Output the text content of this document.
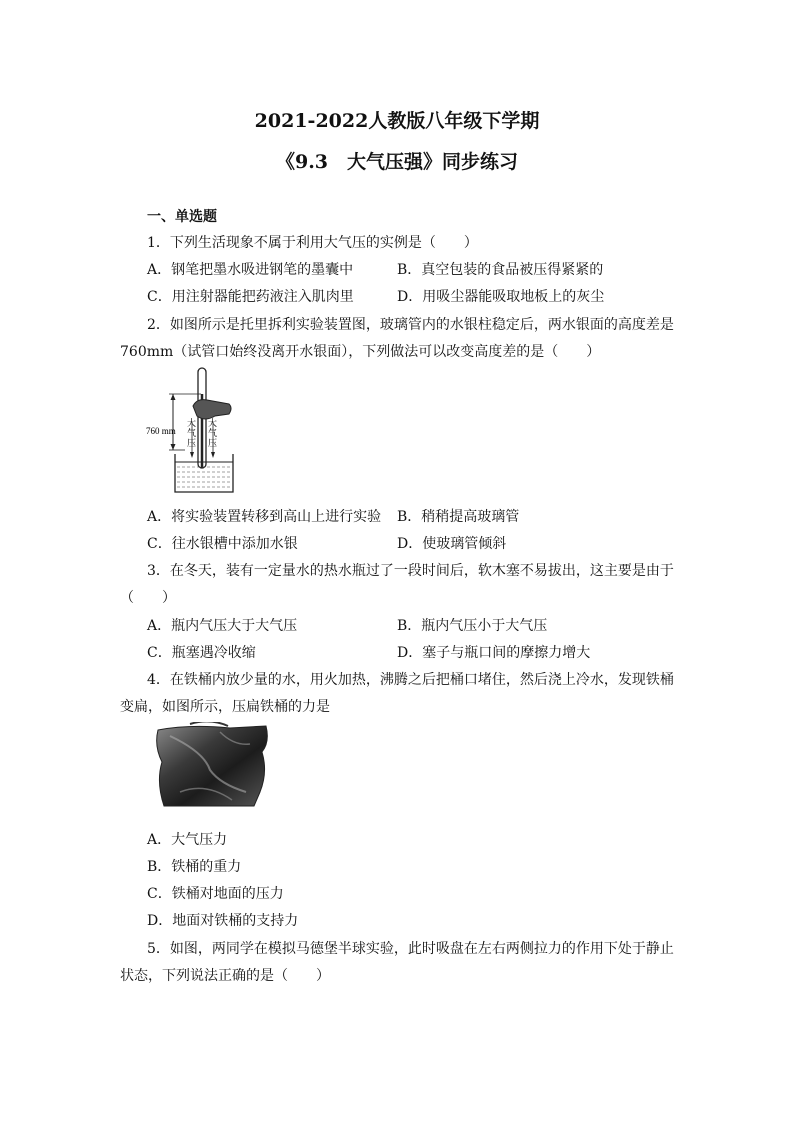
2021-2022人教版八年级下学期
《9.3　大气压强》同步练习
一、单选题
1．下列生活现象不属于利用大气压的实例是（　　）
A．钢笔把墨水吸进钢笔的墨囊中	B．真空包装的食品被压得紧紧的
C．用注射器能把药液注入肌肉里	D．用吸尘器能吸取地板上的灰尘
2．如图所示是托里拆利实验装置图，玻璃管内的水银柱稳定后，两水银面的高度差是
760mm（试管口始终没离开水银面），下列做法可以改变高度差的是（　　）
760 mm
大
气
压
大
气
压
A．将实验装置转移到高山上进行实验 B．稍稍提高玻璃管
C．往水银槽中添加水银	D．使玻璃管倾斜
3．在冬天，装有一定量水的热水瓶过了一段时间后，软木塞不易拔出，这主要是由于
（　　）
A．瓶内气压大于大气压	B．瓶内气压小于大气压
C．瓶塞遇冷收缩	D．塞子与瓶口间的摩擦力增大
4．在铁桶内放少量的水，用火加热，沸腾之后把桶口堵住，然后浇上冷水，发现铁桶
变扁，如图所示，压扁铁桶的力是
A．大气压力
B．铁桶的重力
C．铁桶对地面的压力
D．地面对铁桶的支持力
5．如图，两同学在模拟马德堡半球实验，此时吸盘在左右两侧拉力的作用下处于静止
状态，下列说法正确的是（　　）
